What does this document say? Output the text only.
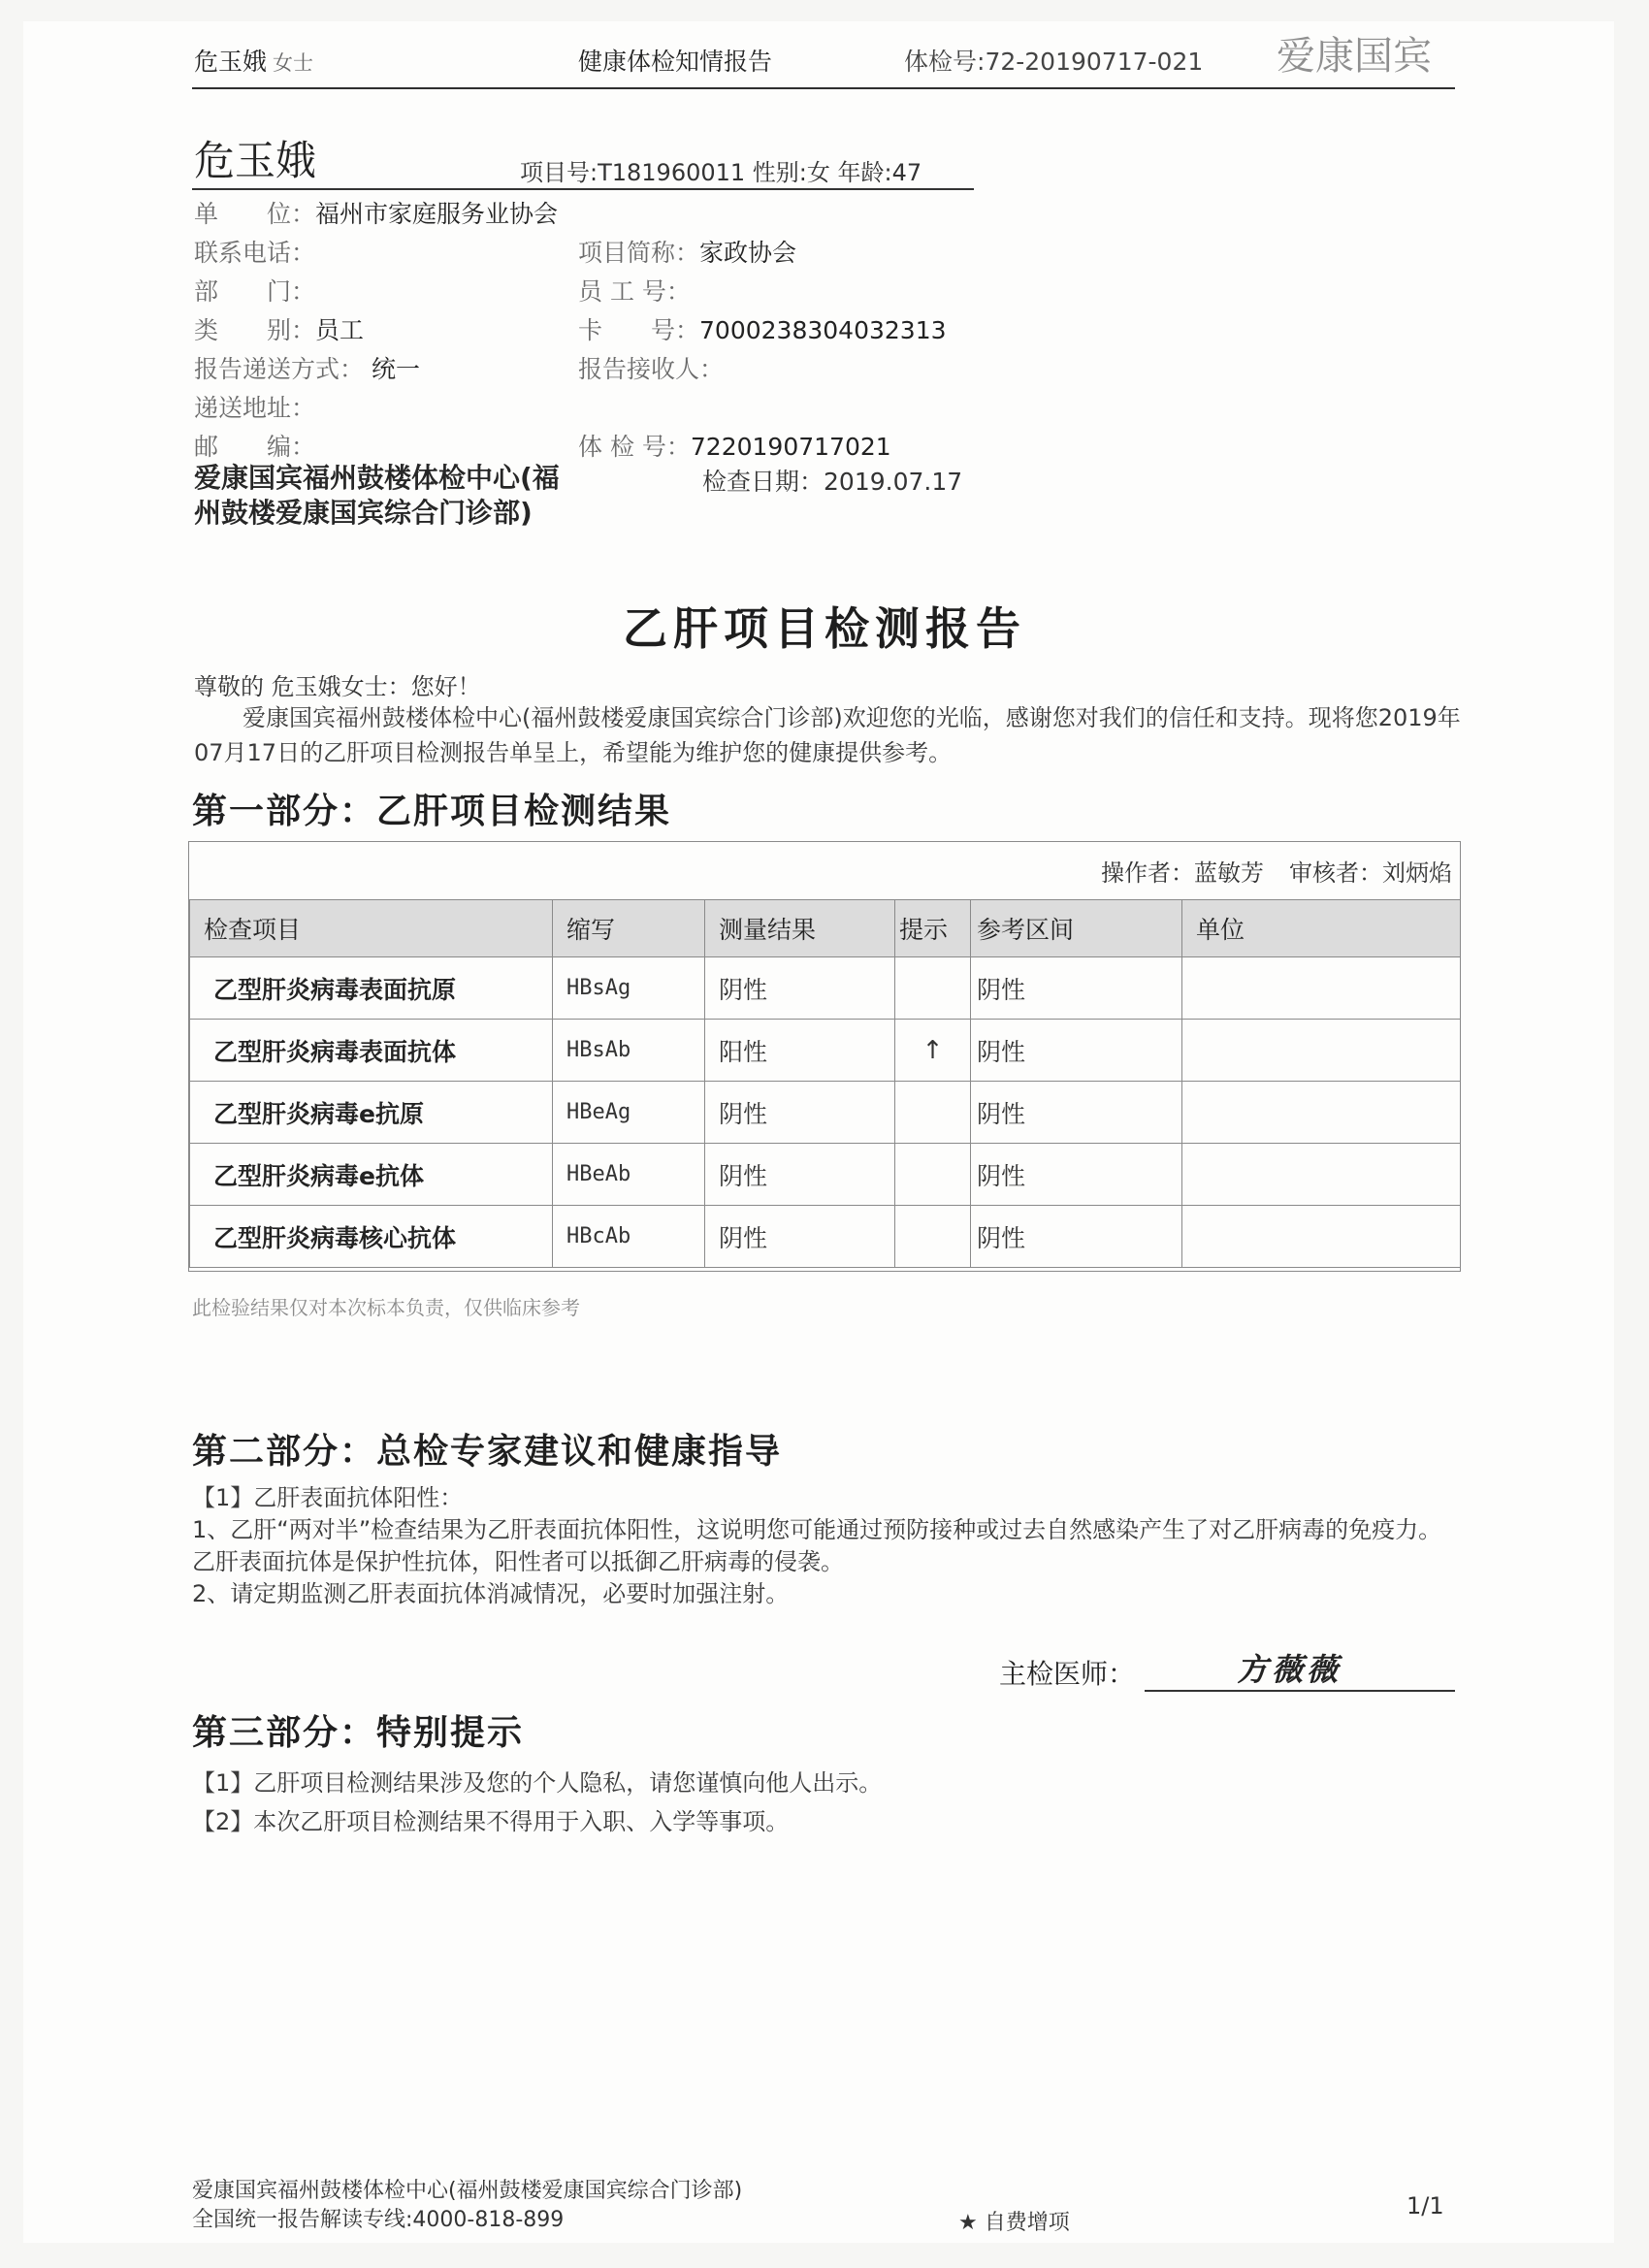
危玉娥 女士	健康体检知情报告	体检号:72-20190717-021 爱康国宾
危玉娥	项目号:T181960011 性别:女 年龄:47
单　　位：福州市家庭服务业协会
联系电话：	项目简称：家政协会
部　　门：	员 工 号：
类　　别：员工	卡　　号：7000238304032313
报告递送方式： 统一	报告接收人：
递送地址：
邮　　编：	体 检 号：7220190717021
爱康国宾福州鼓楼体检中心(福州鼓楼爱康国宾综合门诊部)
检查日期：2019.07.17
乙肝项目检测报告
尊敬的 危玉娥女士：您好！
爱康国宾福州鼓楼体检中心(福州鼓楼爱康国宾综合门诊部)欢迎您的光临，感谢您对我们的信任和支持。现将您2019年07月17日的乙肝项目检测报告单呈上，希望能为维护您的健康提供参考。
第一部分：乙肝项目检测结果
操作者：蓝敏芳 审核者：刘炳焰
检查项目	缩写	测量结果	提示	参考区间	单位
乙型肝炎病毒表面抗原	HBsAg	阴性		阴性	
乙型肝炎病毒表面抗体	HBsAb	阳性	↑	阴性	
乙型肝炎病毒e抗原	HBeAg	阴性		阴性	
乙型肝炎病毒e抗体	HBeAb	阴性		阴性	
乙型肝炎病毒核心抗体	HBcAb	阴性		阴性	
此检验结果仅对本次标本负责，仅供临床参考
第二部分：总检专家建议和健康指导
【1】乙肝表面抗体阳性：
1、乙肝“两对半”检查结果为乙肝表面抗体阳性，这说明您可能通过预防接种或过去自然感染产生了对乙肝病毒的免疫力。乙肝表面抗体是保护性抗体，阳性者可以抵御乙肝病毒的侵袭。
2、请定期监测乙肝表面抗体消减情况，必要时加强注射。
主检医师：	方薇薇
第三部分：特别提示
【1】乙肝项目检测结果涉及您的个人隐私，请您谨慎向他人出示。
【2】本次乙肝项目检测结果不得用于入职、入学等事项。
爱康国宾福州鼓楼体检中心(福州鼓楼爱康国宾综合门诊部)
全国统一报告解读专线:4000-818-899	★ 自费增项
1/1
